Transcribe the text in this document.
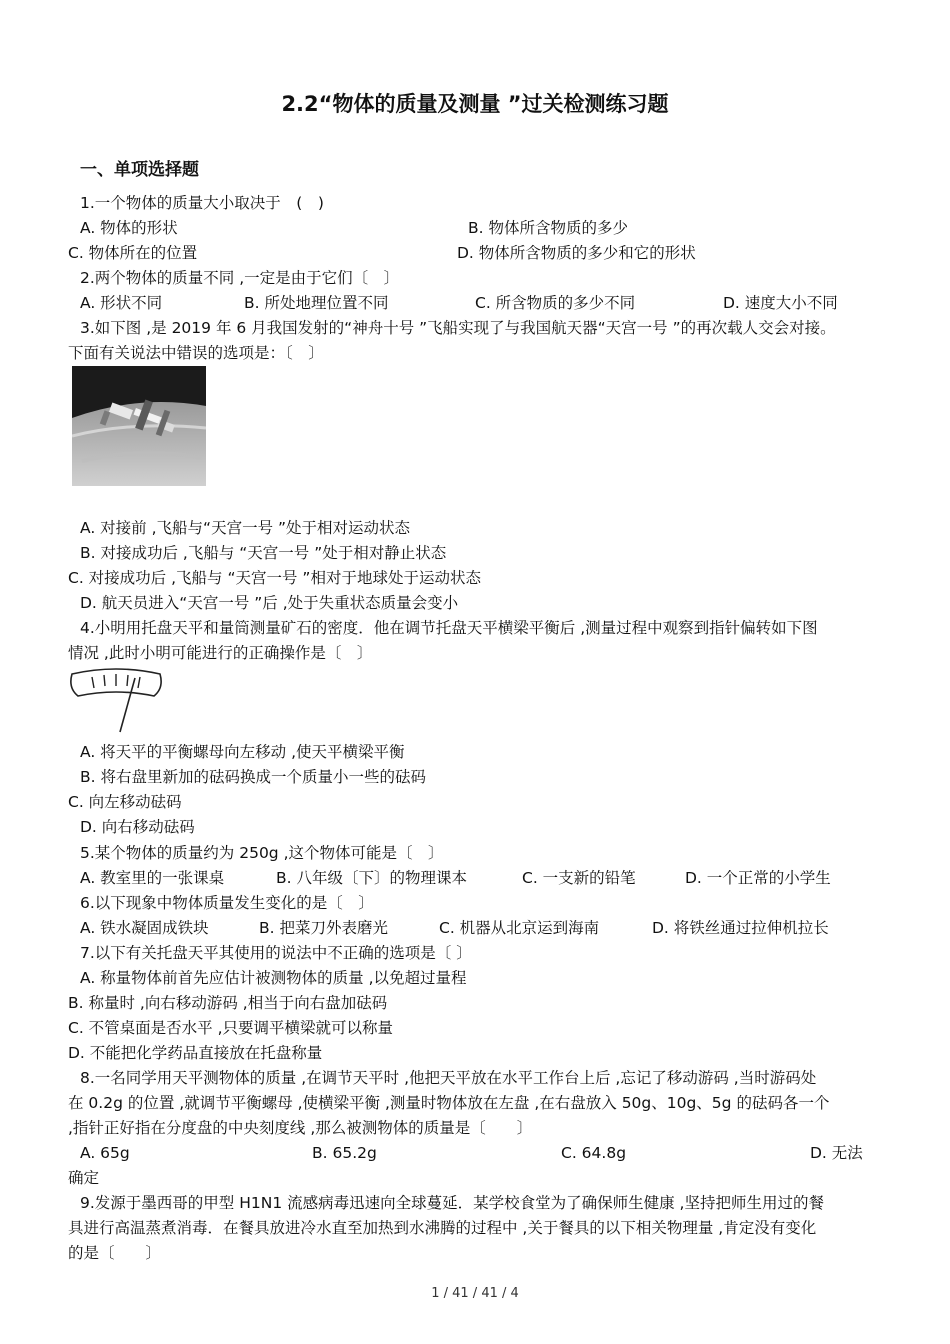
2.2“物体的质量及测量 ”过关检测练习题
一、单项选择题
1.一个物体的质量大小取决于　(　)
A. 物体的形状	B. 物体所含物质的多少
C. 物体所在的位置	D. 物体所含物质的多少和它的形状
2.两个物体的质量不同 ,一定是由于它们〔　〕
A. 形状不同	B. 所处地理位置不同	C. 所含物质的多少不同	D. 速度大小不同
3.如下图 ,是 2019 年 6 月我国发射的“神舟十号 ”飞船实现了与我国航天器“天宫一号 ”的再次载人交会对接。
下面有关说法中错误的选项是：〔　〕
A. 对接前 ,飞船与“天宫一号 ”处于相对运动状态
B. 对接成功后 ,飞船与 “天宫一号 ”处于相对静止状态
C. 对接成功后 ,飞船与 “天宫一号 ”相对于地球处于运动状态
D. 航天员进入“天宫一号 ”后 ,处于失重状态质量会变小
4.小明用托盘天平和量筒测量矿石的密度．他在调节托盘天平横梁平衡后 ,测量过程中观察到指针偏转如下图
情况 ,此时小明可能进行的正确操作是〔　〕
A. 将天平的平衡螺母向左移动 ,使天平横梁平衡
B. 将右盘里新加的砝码换成一个质量小一些的砝码
C. 向左移动砝码
D. 向右移动砝码
5.某个物体的质量约为 250g ,这个物体可能是〔　〕
A. 教室里的一张课桌	B. 八年级〔下〕的物理课本	C. 一支新的铅笔	D. 一个正常的小学生
6.以下现象中物体质量发生变化的是〔　〕
A. 铁水凝固成铁块	B. 把菜刀外表磨光	C. 机器从北京运到海南	D. 将铁丝通过拉伸机拉长
7.以下有关托盘天平其使用的说法中不正确的选项是〔 〕
A. 称量物体前首先应估计被测物体的质量 ,以免超过量程
B. 称量时 ,向右移动游码 ,相当于向右盘加砝码
C. 不管桌面是否水平 ,只要调平横梁就可以称量
D. 不能把化学药品直接放在托盘称量
8.一名同学用天平测物体的质量 ,在调节天平时 ,他把天平放在水平工作台上后 ,忘记了移动游码 ,当时游码处
在 0.2g 的位置 ,就调节平衡螺母 ,使横梁平衡 ,测量时物体放在左盘 ,在右盘放入 50g、10g、5g 的砝码各一个
,指针正好指在分度盘的中央刻度线 ,那么被测物体的质量是〔　　〕
A. 65g	B. 65.2g	C. 64.8g	D. 无法
确定
9.发源于墨西哥的甲型 H1N1 流感病毒迅速向全球蔓延．某学校食堂为了确保师生健康 ,坚持把师生用过的餐
具进行高温蒸煮消毒．在餐具放进冷水直至加热到水沸腾的过程中 ,关于餐具的以下相关物理量 ,肯定没有变化
的是〔　　〕
1 / 41 / 41 / 4
